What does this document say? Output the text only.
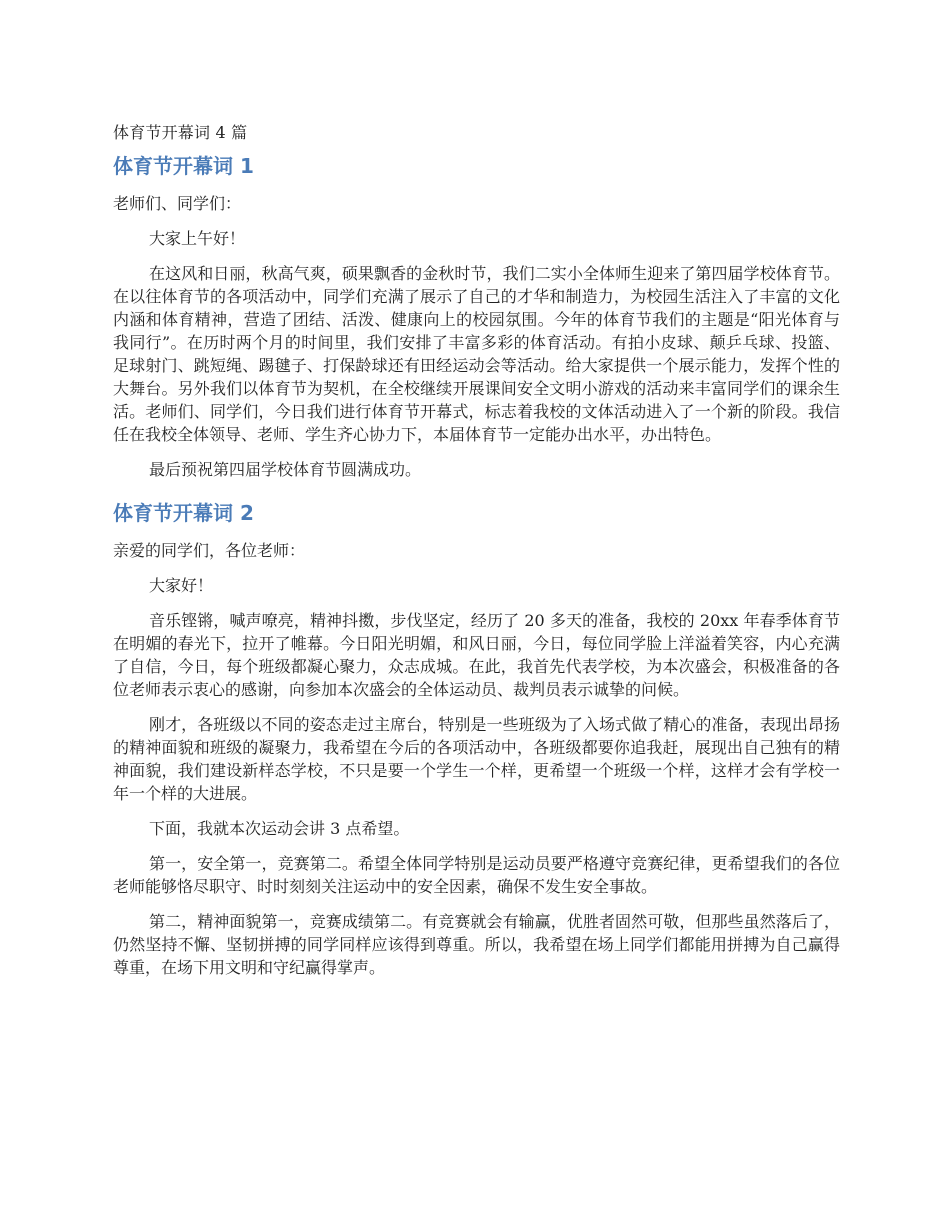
体育节开幕词 4 篇
体育节开幕词 1

老师们、同学们：

大家上午好！

在这风和日丽，秋高气爽，硕果飘香的金秋时节，我们二实小全体师生迎来了第四届学校体育节。在以往体育节的各项活动中，同学们充满了展示了自己的才华和制造力，为校园生活注入了丰富的文化内涵和体育精神，营造了团结、活泼、健康向上的校园氛围。今年的体育节我们的主题是“阳光体育与我同行”。在历时两个月的时间里，我们安排了丰富多彩的体育活动。有拍小皮球、颠乒乓球、投篮、足球射门、跳短绳、踢毽子、打保龄球还有田经运动会等活动。给大家提供一个展示能力，发挥个性的大舞台。另外我们以体育节为契机，在全校继续开展课间安全文明小游戏的活动来丰富同学们的课余生活。老师们、同学们，今日我们进行体育节开幕式，标志着我校的文体活动进入了一个新的阶段。我信任在我校全体领导、老师、学生齐心协力下，本届体育节一定能办出水平，办出特色。

最后预祝第四届学校体育节圆满成功。

体育节开幕词 2

亲爱的同学们，各位老师：

大家好！

音乐铿锵，喊声嘹亮，精神抖擞，步伐坚定，经历了 20 多天的准备，我校的 20xx 年春季体育节在明媚的春光下，拉开了帷幕。今日阳光明媚，和风日丽，今日，每位同学脸上洋溢着笑容，内心充满了自信，今日，每个班级都凝心聚力，众志成城。在此，我首先代表学校，为本次盛会，积极准备的各位老师表示衷心的感谢，向参加本次盛会的全体运动员、裁判员表示诚挚的问候。

刚才，各班级以不同的姿态走过主席台，特别是一些班级为了入场式做了精心的准备，表现出昂扬的精神面貌和班级的凝聚力，我希望在今后的各项活动中，各班级都要你追我赶，展现出自己独有的精神面貌，我们建设新样态学校，不只是要一个学生一个样，更希望一个班级一个样，这样才会有学校一年一个样的大进展。

下面，我就本次运动会讲 3 点希望。

第一，安全第一，竞赛第二。希望全体同学特别是运动员要严格遵守竞赛纪律，更希望我们的各位老师能够恪尽职守、时时刻刻关注运动中的安全因素，确保不发生安全事故。

第二，精神面貌第一，竞赛成绩第二。有竞赛就会有输赢，优胜者固然可敬，但那些虽然落后了，仍然坚持不懈、坚韧拼搏的同学同样应该得到尊重。所以，我希望在场上同学们都能用拼搏为自己赢得尊重，在场下用文明和守纪赢得掌声。
